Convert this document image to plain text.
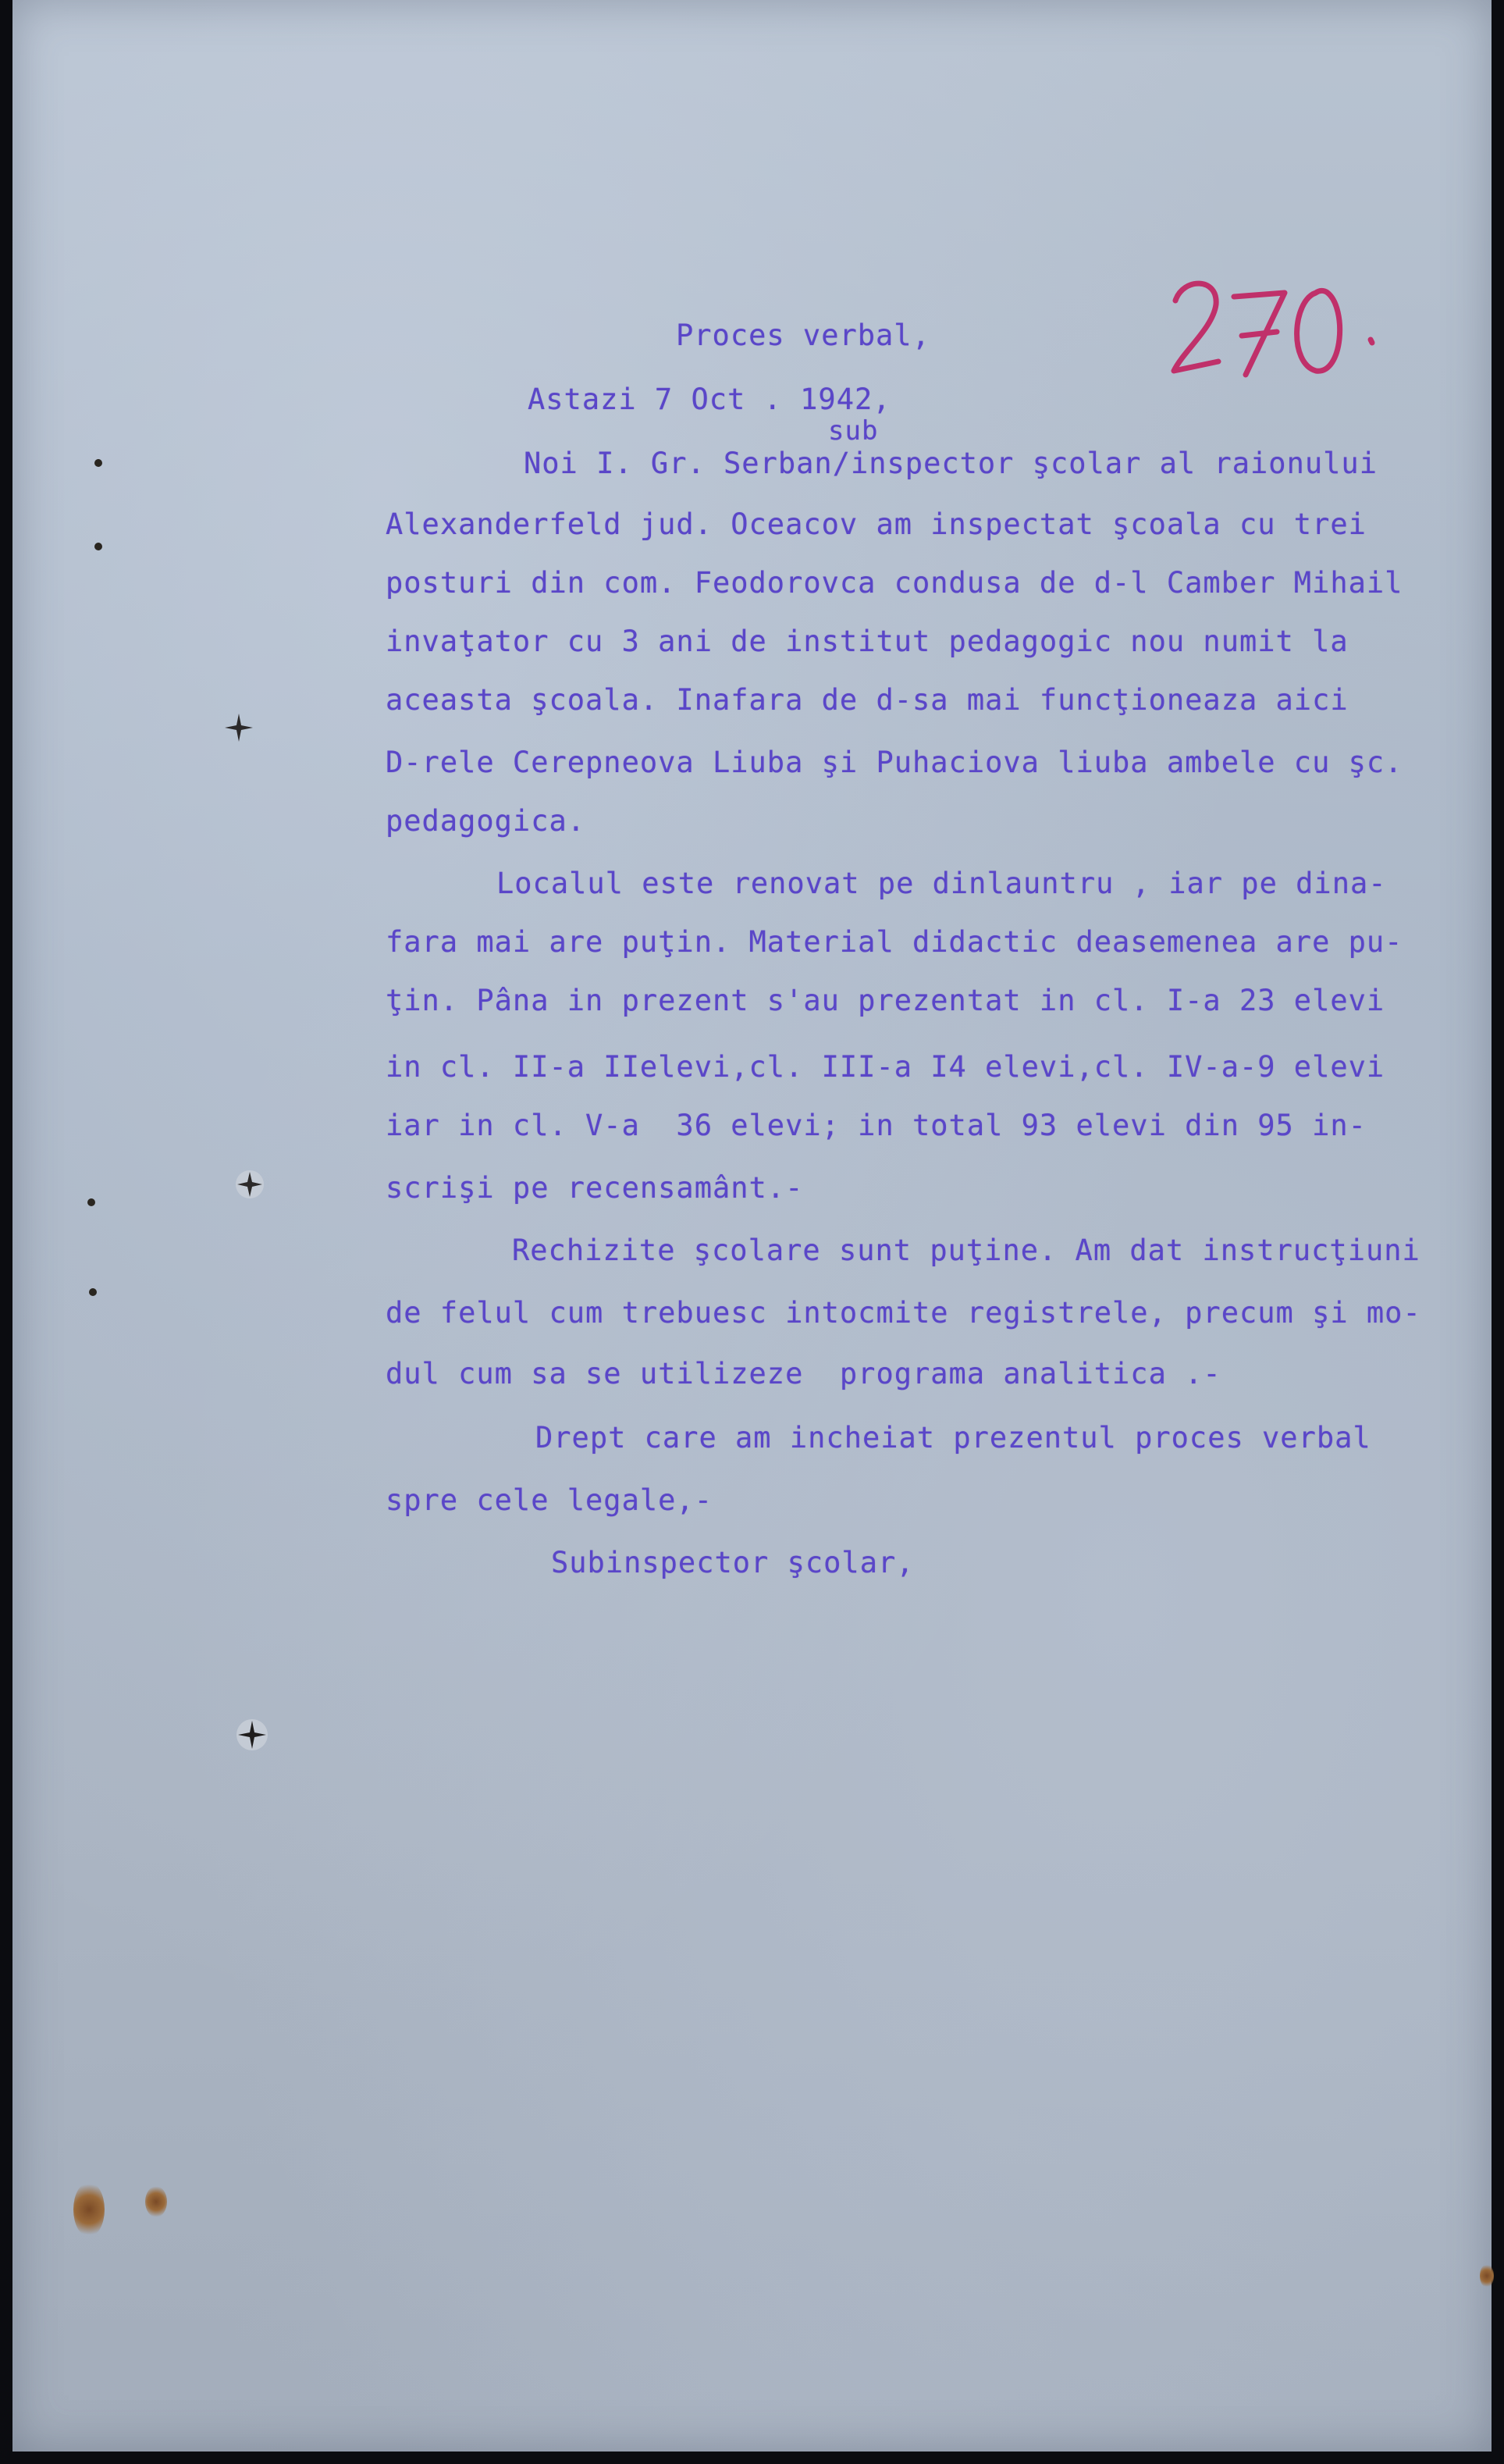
Proces verbal,
Astazi 7 Oct . 1942,
sub
Noi I. Gr. Serban/inspector şcolar al raionului
Alexanderfeld jud. Oceacov am inspectat şcoala cu trei
posturi din com. Feodorovca condusa de d-l Camber Mihail
invaţator cu 3 ani de institut pedagogic nou numit la
aceasta şcoala. Inafara de d-sa mai funcţioneaza aici
D-rele Cerepneova Liuba şi Puhaciova liuba ambele cu şc.
pedagogica.
Localul este renovat pe dinlauntru , iar pe dina-
fara mai are puţin. Material didactic deasemenea are pu-
ţin. Pâna in prezent s'au prezentat in cl. I-a 23 elevi
in cl. II-a IIelevi,cl. III-a I4 elevi,cl. IV-a-9 elevi
iar in cl. V-a  36 elevi; in total 93 elevi din 95 in-
scrişi pe recensamânt.-
Rechizite şcolare sunt puţine. Am dat instrucţiuni
de felul cum trebuesc intocmite registrele, precum şi mo-
dul cum sa se utilizeze  programa analitica .-
Drept care am incheiat prezentul proces verbal
spre cele legale,-
Subinspector şcolar,
